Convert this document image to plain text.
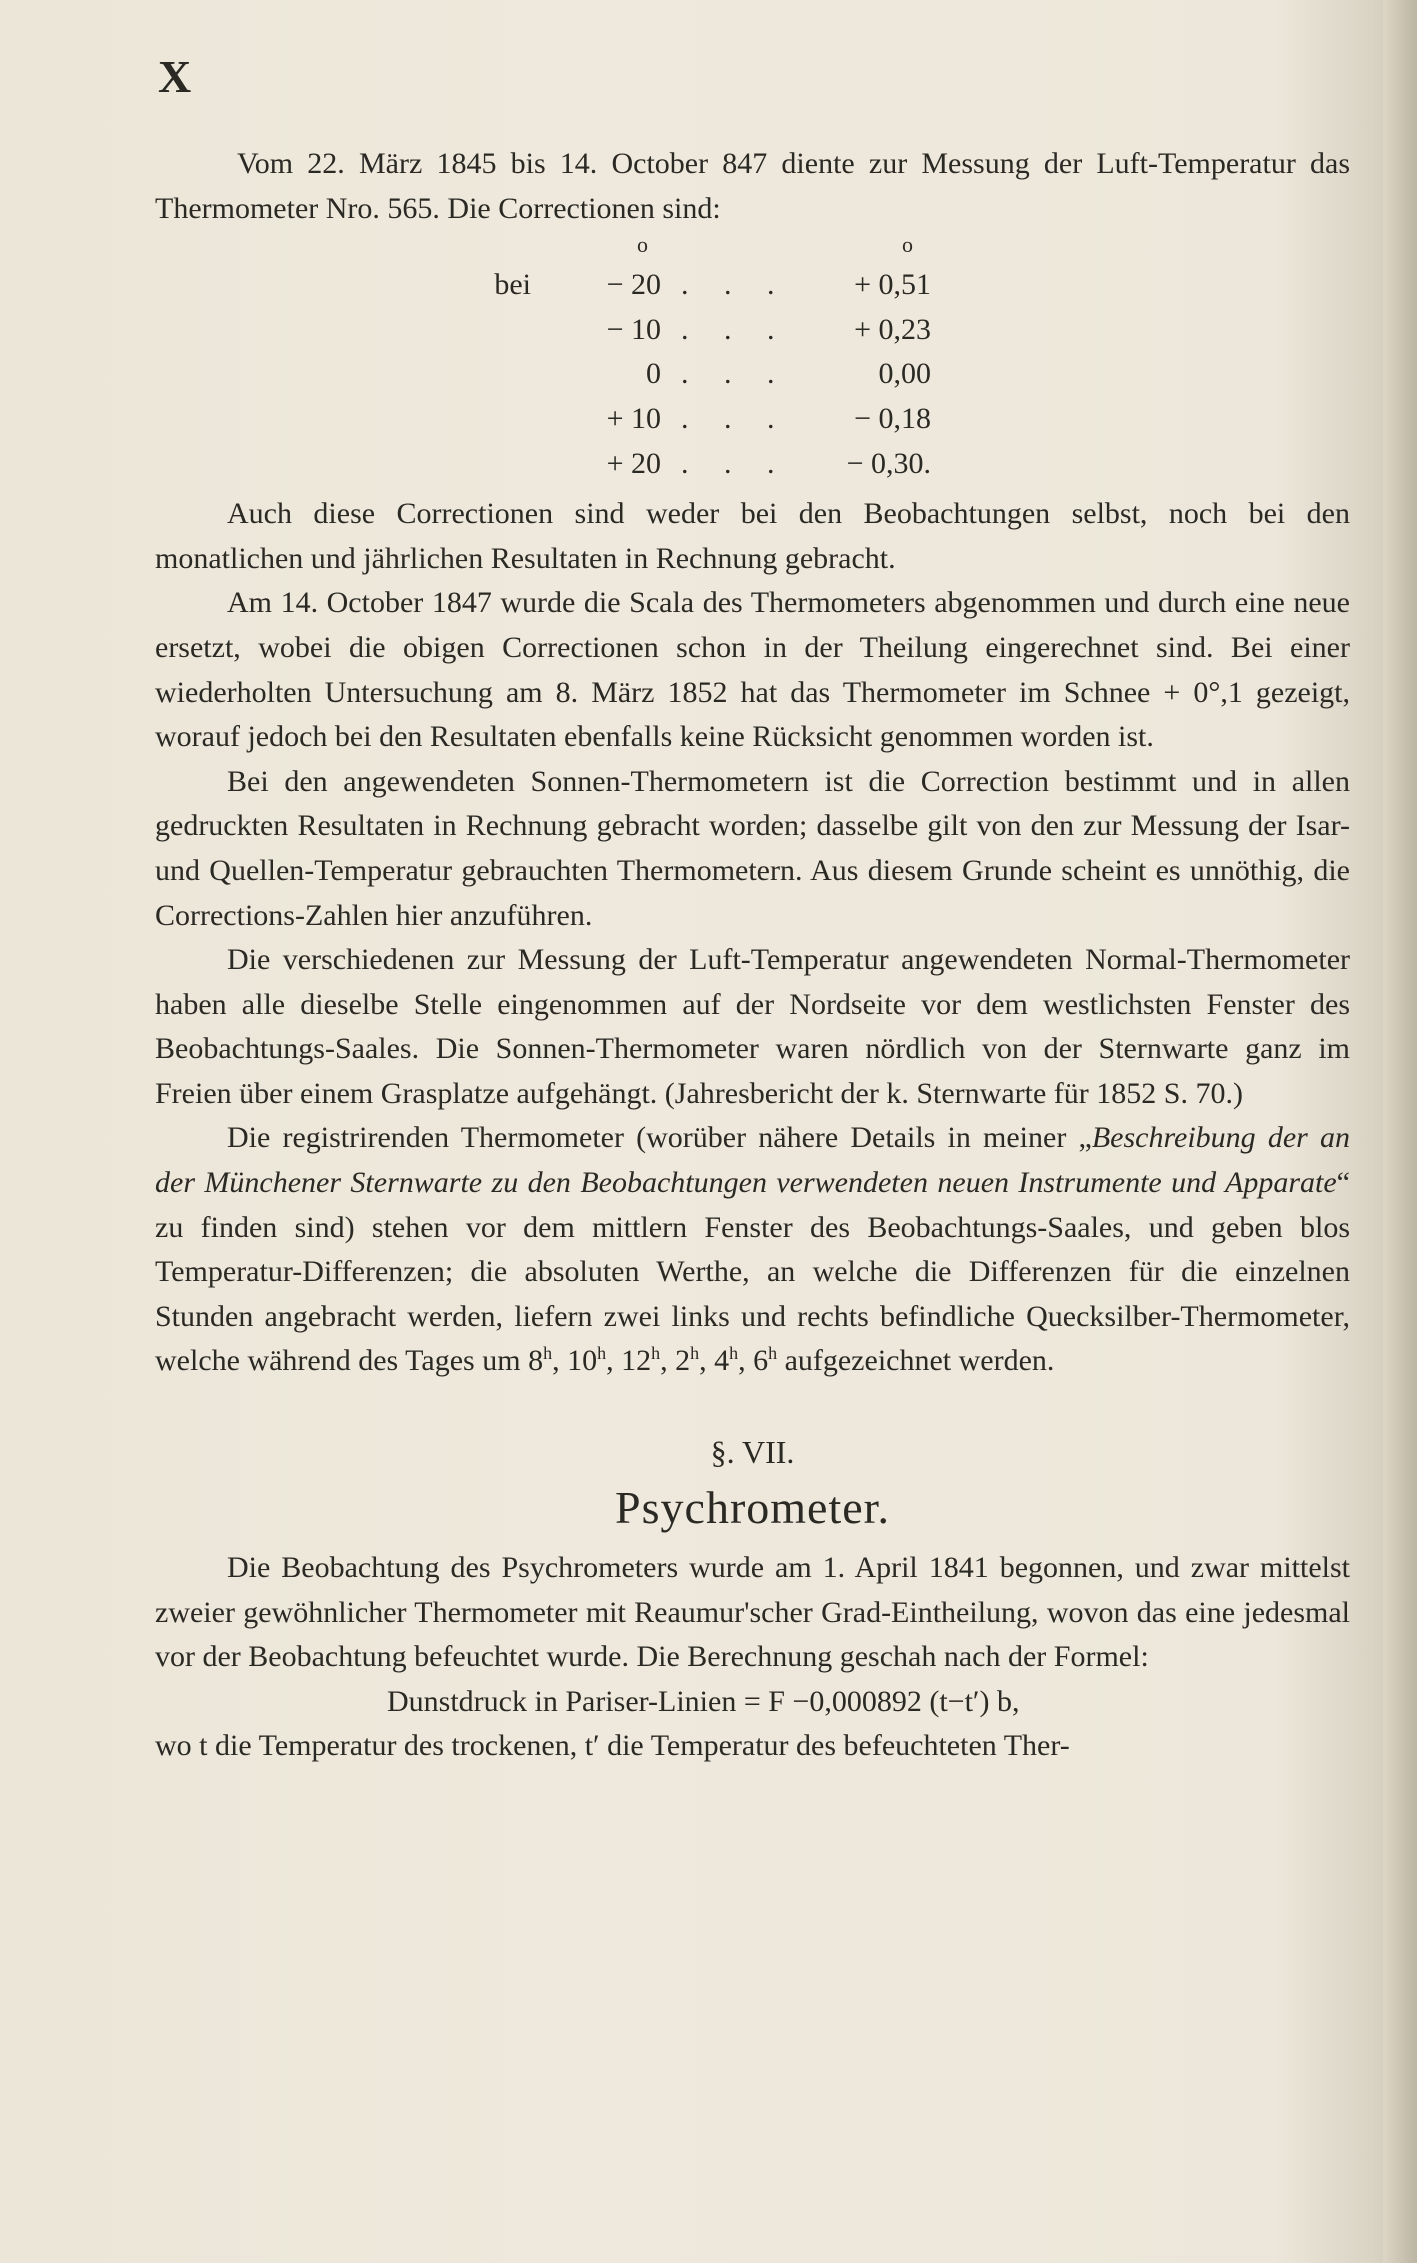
X

Vom 22. März 1845 bis 14. October 847 diente zur Messung der Luft-Temperatur das Thermometer Nro. 565. Die Correctionen sind:

o	o
bei	− 20 . . .	+ 0,51
− 10 . . .	+ 0,23
0 . . .	0,00
+ 10 . . .	− 0,18
+ 20 . . .	− 0,30.

Auch diese Correctionen sind weder bei den Beobachtungen selbst, noch bei den monatlichen und jährlichen Resultaten in Rechnung gebracht.

Am 14. October 1847 wurde die Scala des Thermometers abgenommen und durch eine neue ersetzt, wobei die obigen Correctionen schon in der Theilung eingerechnet sind. Bei einer wiederholten Untersuchung am 8. März 1852 hat das Thermometer im Schnee + 0°,1 gezeigt, worauf jedoch bei den Resultaten ebenfalls keine Rücksicht genommen worden ist.

Bei den angewendeten Sonnen-Thermometern ist die Correction bestimmt und in allen gedruckten Resultaten in Rechnung gebracht worden; dasselbe gilt von den zur Messung der Isar- und Quellen-Temperatur gebrauchten Thermometern. Aus diesem Grunde scheint es unnöthig, die Corrections-Zahlen hier anzuführen.

Die verschiedenen zur Messung der Luft-Temperatur angewendeten Normal-Thermometer haben alle dieselbe Stelle eingenommen auf der Nordseite vor dem westlichsten Fenster des Beobachtungs-Saales. Die Sonnen-Thermometer waren nördlich von der Sternwarte ganz im Freien über einem Grasplatze aufgehängt. (Jahresbericht der k. Sternwarte für 1852 S. 70.)

Die registrirenden Thermometer (worüber nähere Details in meiner „Beschreibung der an der Münchener Sternwarte zu den Beobachtungen verwendeten neuen Instrumente und Apparate“ zu finden sind) stehen vor dem mittlern Fenster des Beobachtungs-Saales, und geben blos Temperatur-Differenzen; die absoluten Werthe, an welche die Differenzen für die einzelnen Stunden angebracht werden, liefern zwei links und rechts befindliche Quecksilber-Thermometer, welche während des Tages um 8$^h$, 10$^h$, 12$^h$, 2$^h$, 4$^h$, 6$^h$ aufgezeichnet werden.

§. VII.
Psychrometer.

Die Beobachtung des Psychrometers wurde am 1. April 1841 begonnen, und zwar mittelst zweier gewöhnlicher Thermometer mit Reaumur'scher Grad-Eintheilung, wovon das eine jedesmal vor der Beobachtung befeuchtet wurde. Die Berechnung geschah nach der Formel:

Dunstdruck in Pariser-Linien = F −0,000892 (t−t′) b,

wo t die Temperatur des trockenen, t′ die Temperatur des befeuchteten Ther-
